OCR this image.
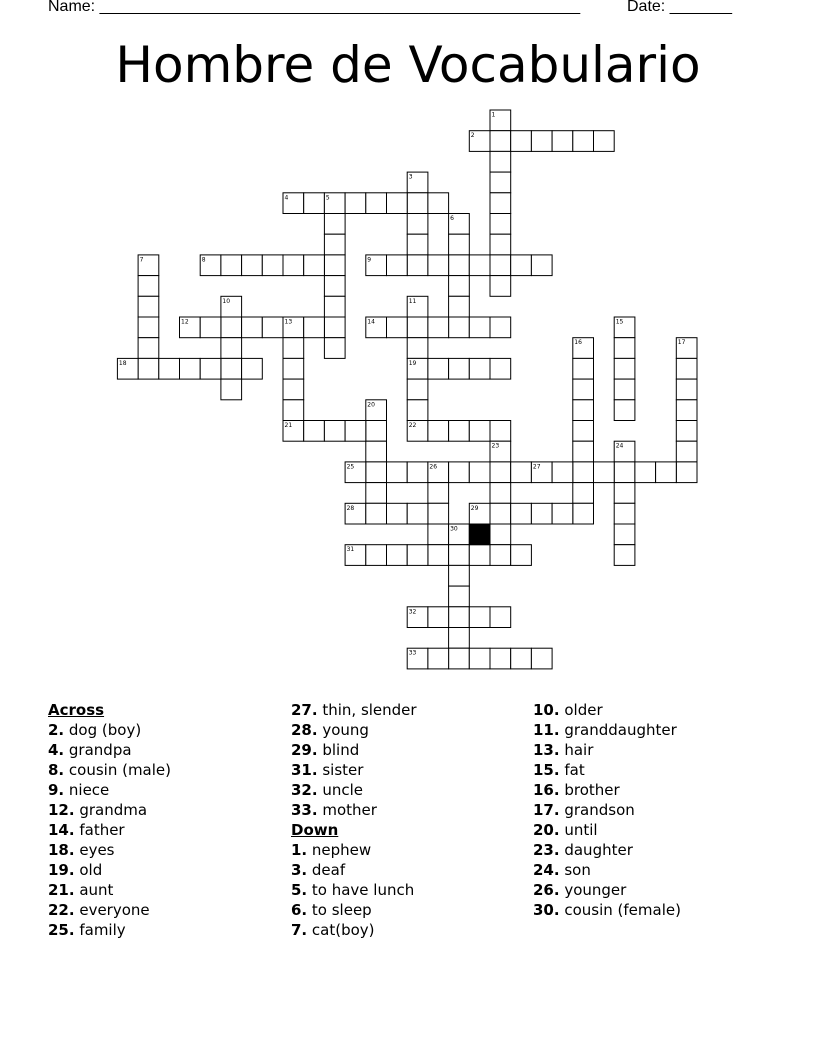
Name: ______________________________________________________	Date: _______
Hombre de Vocabulario
1
2
3
4	5
6
7	8	9
10	11
12	13	14	15
16	17
18	19
20
21	22
23	24
25	26	27
28	29
30
31
32
33
Across
2. dog (boy)
4. grandpa
8. cousin (male)
9. niece
12. grandma
14. father
18. eyes
19. old
21. aunt
22. everyone
25. family
27. thin, slender
28. young
29. blind
31. sister
32. uncle
33. mother
Down
1. nephew
3. deaf
5. to have lunch
6. to sleep
7. cat(boy)
10. older
11. granddaughter
13. hair
15. fat
16. brother
17. grandson
20. until
23. daughter
24. son
26. younger
30. cousin (female)
